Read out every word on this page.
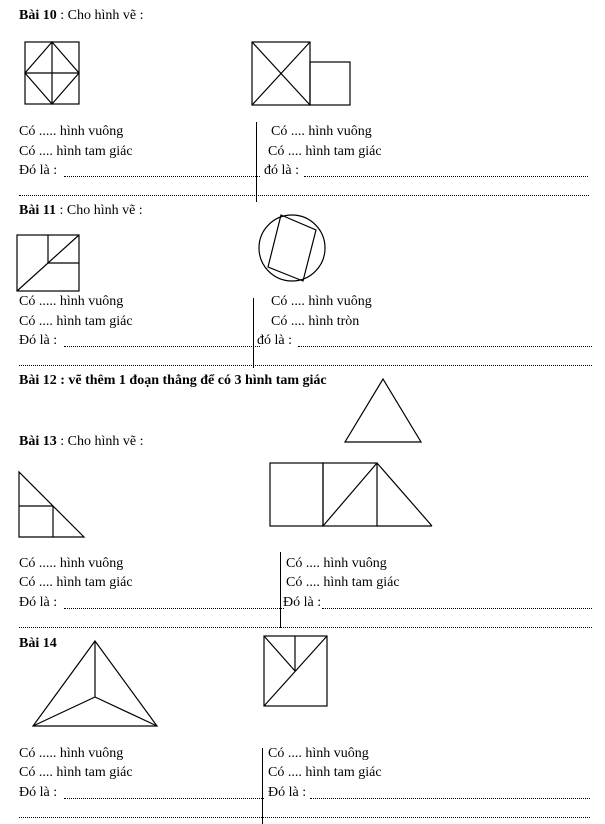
Bài 10 : Cho hình vẽ :
Có ..... hình vuông
Có .... hình tam giác
Đó là :
Có .... hình vuông
Có .... hình tam giác
đó là :
Bài 11 : Cho hình vẽ :
Có ..... hình vuông
Có .... hình tam giác
Đó là :
Có .... hình vuông
Có .... hình tròn
đó là :
Bài 12 : vẽ thêm 1 đoạn thẳng để có 3 hình tam giác
Bài 13 : Cho hình vẽ :
Có ..... hình vuông
Có .... hình tam giác
Đó là :
Có .... hình vuông
Có .... hình tam giác
Đó là :
Bài 14
Có ..... hình vuông
Có .... hình tam giác
Đó là :
Có .... hình vuông
Có .... hình tam giác
Đó là :
